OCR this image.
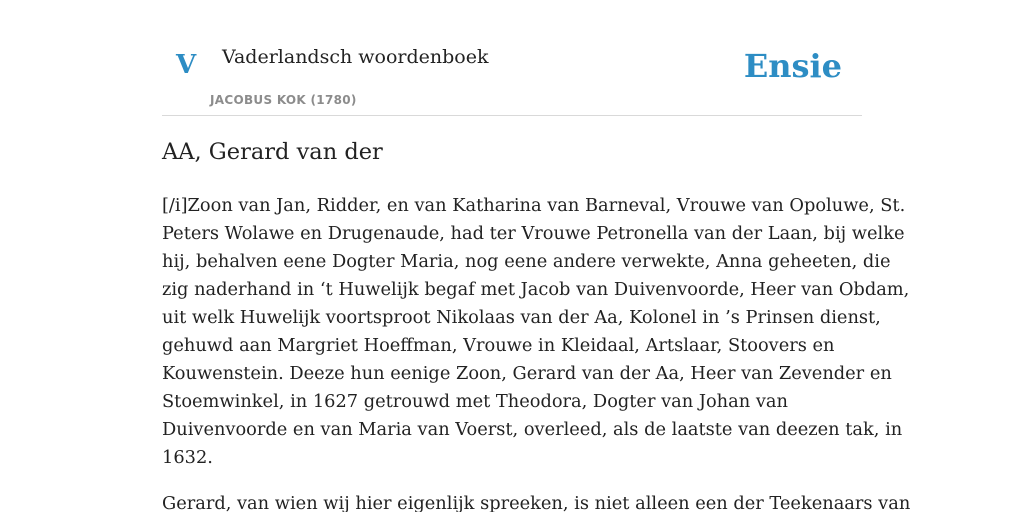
V Vaderlandsch woordenboek
JACOBUS KOK (1780)
Ensie
AA, Gerard van der

[/i]Zoon van Jan, Ridder, en van Katharina van Barneval, Vrouwe van Opoluwe, St.
Peters Wolawe en Drugenaude, had ter Vrouwe Petronella van der Laan, bij welke
hij, behalven eene Dogter Maria, nog eene andere verwekte, Anna geheeten, die
zig naderhand in ‘t Huwelijk begaf met Jacob van Duivenvoorde, Heer van Obdam,
uit welk Huwelijk voortsproot Nikolaas van der Aa, Kolonel in ’s Prinsen dienst,
gehuwd aan Margriet Hoeffman, Vrouwe in Kleidaal, Artslaar, Stoovers en
Kouwenstein. Deeze hun eenige Zoon, Gerard van der Aa, Heer van Zevender en
Stoemwinkel, in 1627 getrouwd met Theodora, Dogter van Johan van
Duivenvoorde en van Maria van Voerst, overleed, als de laatste van deezen tak, in
1632.

Gerard, van wien wij hier eigenlijk spreeken, is niet alleen een der Teekenaars van
